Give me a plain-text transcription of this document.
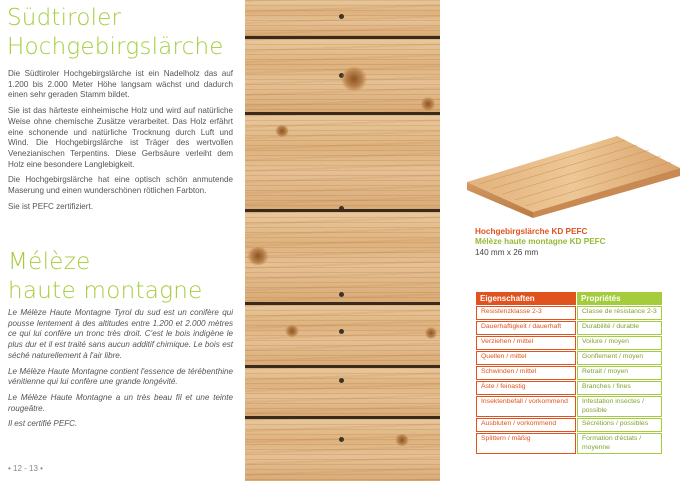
Südtiroler
Hochgebirgslärche

Die Südtiroler Hochgebirgslärche ist ein Nadelholz das auf 1.200 bis 2.000 Meter Höhe langsam wächst und dadurch einen sehr geraden Stamm bildet.

Sie ist das härteste einheimische Holz und wird auf natürliche Weise ohne chemische Zusätze verarbeitet. Das Holz erfährt eine schonende und natürliche Trocknung durch Luft und Wind. Die Hochgebirgslärche ist Träger des wertvollen Venezianischen Terpentins. Diese Gerbsäure verleiht dem Holz eine besondere Langlebigkeit.

Die Hochgebirgslärche hat eine optisch schön anmutende Maserung und einen wunderschönen rötlichen Farbton.

Sie ist PEFC zertifiziert.

Mélèze
haute montagne

Le Mélèze Haute Montagne Tyrol du sud est un conifère qui pousse lentement à des altitudes entre 1.200 et 2.000 mètres ce qui lui confère un tronc très droit. C'est le bois indigène le plus dur et il est traité sans aucun additif chimique. Le bois est séché naturellement à l'air libre.

Le Mélèze Haute Montagne contient l'essence de térébenthine vénitienne qui lui confère une grande longévité.

Le Mélèze Haute Montagne a un très beau fil et une teinte rougeâtre.

Il est certifié PEFC.

• 12 - 13 •
Hochgebirgslärche KD PEFC
Mélèze haute montagne KD PEFC
140 mm x 26 mm
Eigenschaften	Propriétés
Resistenzklasse 2-3	Classe de résistance 2-3
Dauerhaftigkeit / dauerhaft	Durabilité / durable
Verziehen / mittel	Voilure / moyen
Quellen / mittel	Gonflement / moyen
Schwinden / mittel	Retrait / moyen
Äste / feinastig	Branches / fines
Insektenbefall / vorkommend	Infestation insectes / possible
Ausbluten / vorkommend	Sécrétions / possibles
Splittern / mäßig	Formation d'éclats / moyenne
